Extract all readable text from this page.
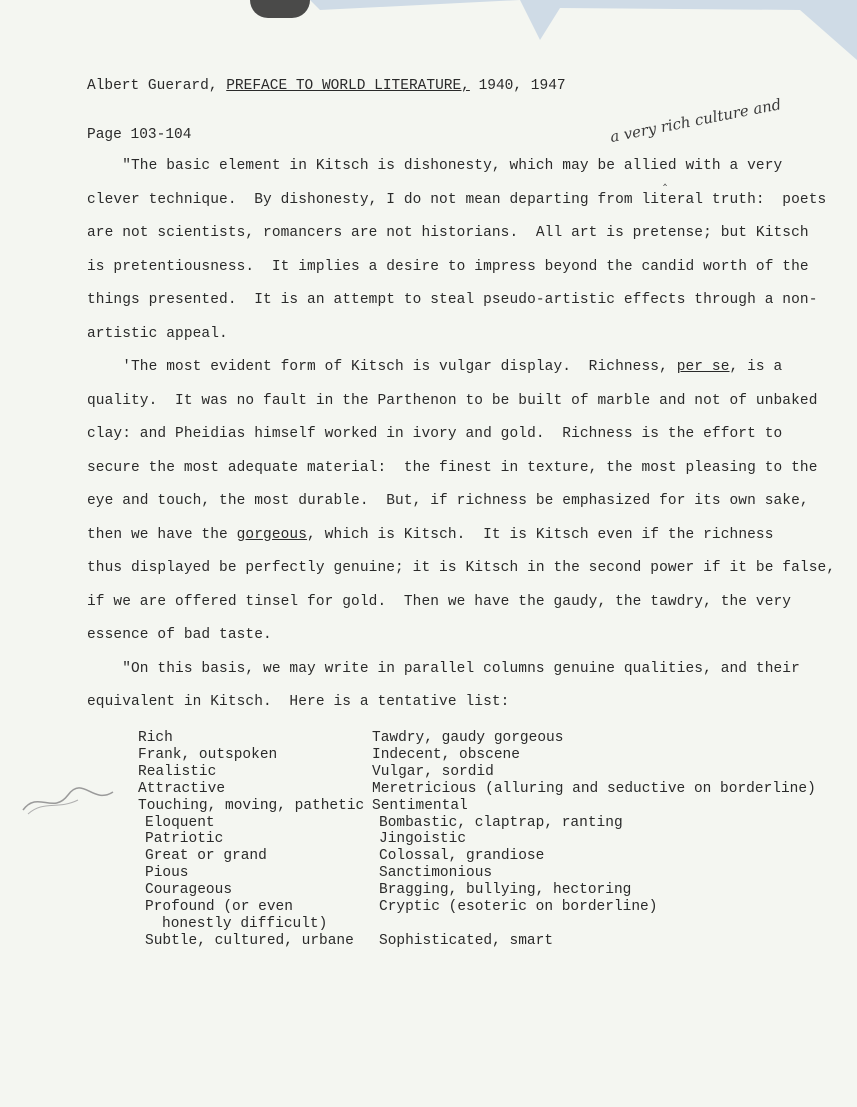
Albert Guerard, PREFACE TO WORLD LITERATURE, 1940, 1947
Page 103-104	a very rich culture and
‸
"The basic element in Kitsch is dishonesty, which may be allied with a very
clever technique.  By dishonesty, I do not mean departing from literal truth:  poets
are not scientists, romancers are not historians.  All art is pretense; but Kitsch
is pretentiousness.  It implies a desire to impress beyond the candid worth of the
things presented.  It is an attempt to steal pseudo-artistic effects through a non-
artistic appeal.
'The most evident form of Kitsch is vulgar display.  Richness, per se, is a
quality.  It was no fault in the Parthenon to be built of marble and not of unbaked
clay: and Pheidias himself worked in ivory and gold.  Richness is the effort to
secure the most adequate material:  the finest in texture, the most pleasing to the
eye and touch, the most durable.  But, if richness be emphasized for its own sake,
then we have the gorgeous, which is Kitsch.  It is Kitsch even if the richness
thus displayed be perfectly genuine; it is Kitsch in the second power if it be false,
if we are offered tinsel for gold.  Then we have the gaudy, the tawdry, the very
essence of bad taste.
"On this basis, we may write in parallel columns genuine qualities, and their
equivalent in Kitsch.  Here is a tentative list:
Rich	Tawdry, gaudy gorgeous
Frank, outspoken	Indecent, obscene
Realistic	Vulgar, sordid
Attractive	Meretricious (alluring and seductive on borderline)
Touching, moving, pathetic Sentimental
Eloquent	Bombastic, claptrap, ranting
Patriotic	Jingoistic
Great or grand	Colossal, grandiose
Pious	Sanctimonious
Courageous	Bragging, bullying, hectoring
Profound (or even	Cryptic (esoteric on borderline)
honestly difficult)
Subtle, cultured, urbane	Sophisticated, smart
